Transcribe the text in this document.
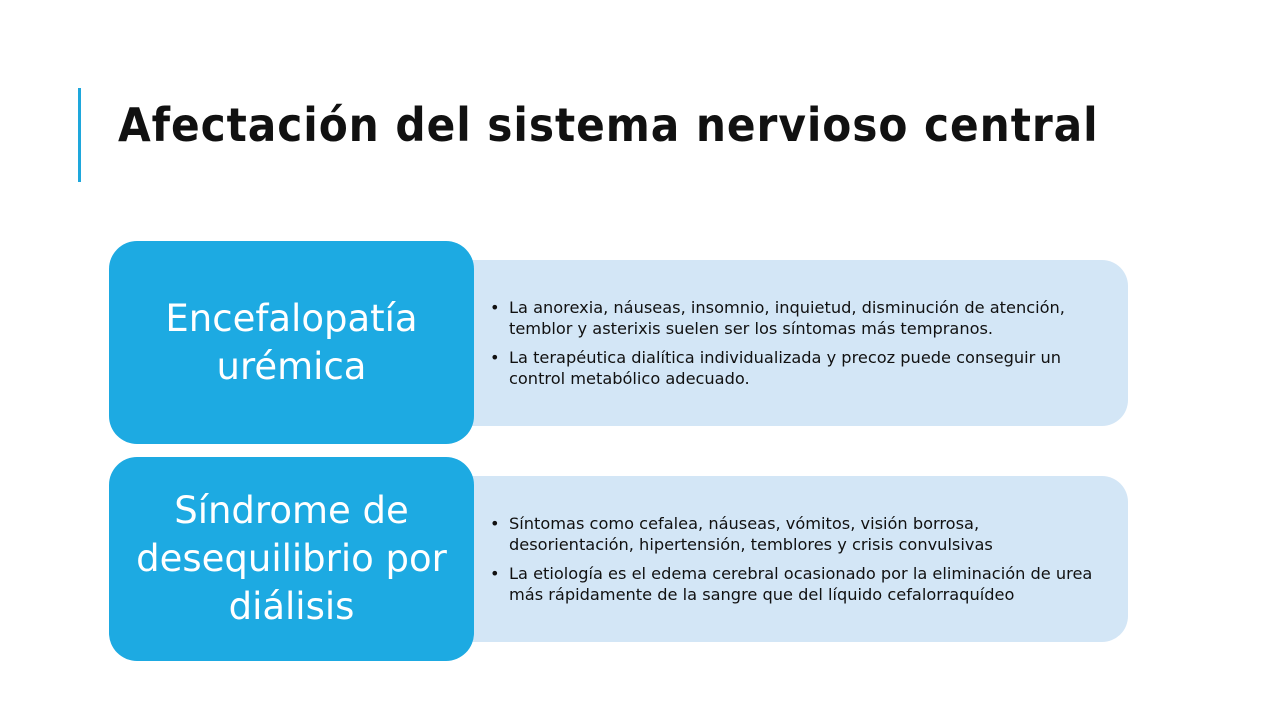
Afectación del sistema nervioso central
• La anorexia, náuseas, insomnio, inquietud, disminución de atención, temblor y asterixis suelen ser los síntomas más tempranos.
• La terapéutica dialítica individualizada y precoz puede conseguir un control metabólico adecuado.
Encefalopatía urémica
• Síntomas como cefalea, náuseas, vómitos, visión borrosa, desorientación, hipertensión, temblores y crisis convulsivas
• La etiología es el edema cerebral ocasionado por la eliminación de urea más rápidamente de la sangre que del líquido cefalorraquídeo
Síndrome de desequilibrio por diálisis
